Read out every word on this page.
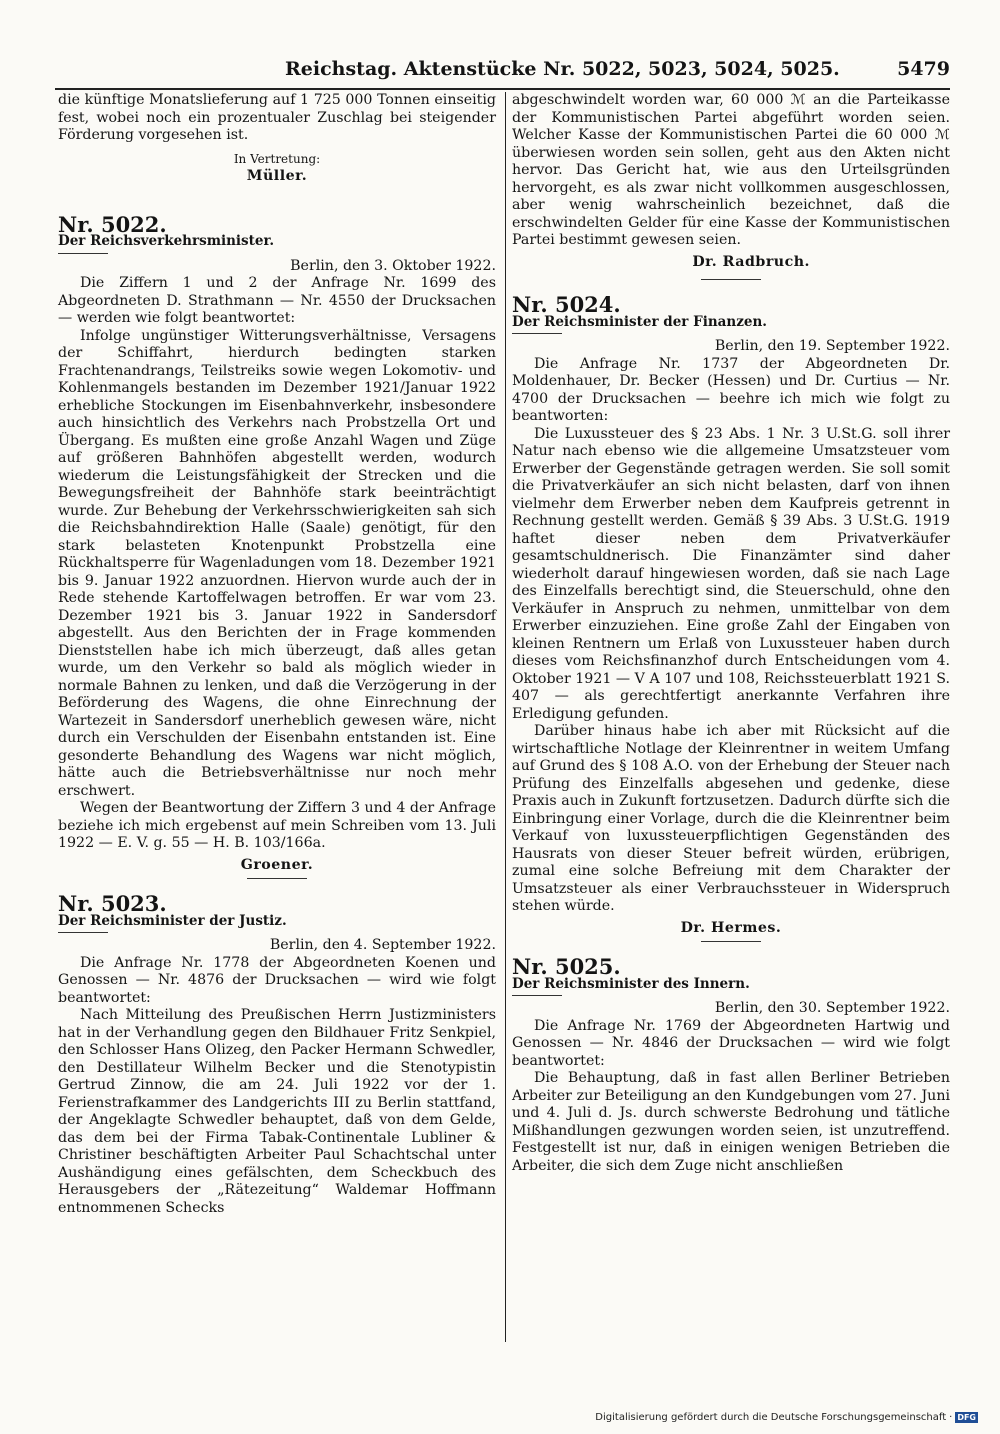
Reichstag. Aktenstücke Nr. 5022, 5023, 5024, 5025.	5479

die künftige Monatslieferung auf 1 725 000 Tonnen einseitig fest, wobei noch ein prozentualer Zuschlag bei steigender Förderung vorgesehen ist.

In Vertretung:

Müller.

Nr. 5022.

Der Reichsverkehrsminister.

Berlin, den 3. Oktober 1922.

Die Ziffern 1 und 2 der Anfrage Nr. 1699 des Abgeordneten D. Strathmann — Nr. 4550 der Drucksachen — werden wie folgt beantwortet:

Infolge ungünstiger Witterungsverhältnisse, Versagens der Schiffahrt, hierdurch bedingten starken Frachtenandrangs, Teilstreiks sowie wegen Lokomotiv- und Kohlenmangels bestanden im Dezember 1921/Januar 1922 erhebliche Stockungen im Eisenbahnverkehr, insbesondere auch hinsichtlich des Verkehrs nach Probstzella Ort und Übergang. Es mußten eine große Anzahl Wagen und Züge auf größeren Bahnhöfen abgestellt werden, wodurch wiederum die Leistungsfähigkeit der Strecken und die Bewegungsfreiheit der Bahnhöfe stark beeinträchtigt wurde. Zur Behebung der Verkehrsschwierigkeiten sah sich die Reichsbahndirektion Halle (Saale) genötigt, für den stark belasteten Knotenpunkt Probstzella eine Rückhaltsperre für Wagenladungen vom 18. Dezember 1921 bis 9. Januar 1922 anzuordnen. Hiervon wurde auch der in Rede stehende Kartoffelwagen betroffen. Er war vom 23. Dezember 1921 bis 3. Januar 1922 in Sandersdorf abgestellt. Aus den Berichten der in Frage kommenden Dienststellen habe ich mich überzeugt, daß alles getan wurde, um den Verkehr so bald als möglich wieder in normale Bahnen zu lenken, und daß die Verzögerung in der Beförderung des Wagens, die ohne Einrechnung der Wartezeit in Sandersdorf unerheblich gewesen wäre, nicht durch ein Verschulden der Eisenbahn entstanden ist. Eine gesonderte Behandlung des Wagens war nicht möglich, hätte auch die Betriebsverhältnisse nur noch mehr erschwert.

Wegen der Beantwortung der Ziffern 3 und 4 der Anfrage beziehe ich mich ergebenst auf mein Schreiben vom 13. Juli 1922 — E. V. g. 55 — H. B. 103/166a.

Groener.

Nr. 5023.

Der Reichsminister der Justiz.

Berlin, den 4. September 1922.

Die Anfrage Nr. 1778 der Abgeordneten Koenen und Genossen — Nr. 4876 der Drucksachen — wird wie folgt beantwortet:

Nach Mitteilung des Preußischen Herrn Justizministers hat in der Verhandlung gegen den Bildhauer Fritz Senkpiel, den Schlosser Hans Olizeg, den Packer Hermann Schwedler, den Destillateur Wilhelm Becker und die Stenotypistin Gertrud Zinnow, die am 24. Juli 1922 vor der 1. Ferienstrafkammer des Landgerichts III zu Berlin stattfand, der Angeklagte Schwedler behauptet, daß von dem Gelde, das dem bei der Firma Tabak-Continentale Lubliner & Christiner beschäftigten Arbeiter Paul Schachtschal unter Aushändigung eines gefälschten, dem Scheckbuch des Herausgebers der „Rätezeitung“ Waldemar Hoffmann entnommenen Schecks

abgeschwindelt worden war, 60 000 ℳ an die Parteikasse der Kommunistischen Partei abgeführt worden seien. Welcher Kasse der Kommunistischen Partei die 60 000 ℳ überwiesen worden sein sollen, geht aus den Akten nicht hervor. Das Gericht hat, wie aus den Urteilsgründen hervorgeht, es als zwar nicht vollkommen ausgeschlossen, aber wenig wahrscheinlich bezeichnet, daß die erschwindelten Gelder für eine Kasse der Kommunistischen Partei bestimmt gewesen seien.

Dr. Radbruch.

Nr. 5024.

Der Reichsminister der Finanzen.

Berlin, den 19. September 1922.

Die Anfrage Nr. 1737 der Abgeordneten Dr. Moldenhauer, Dr. Becker (Hessen) und Dr. Curtius — Nr. 4700 der Drucksachen — beehre ich mich wie folgt zu beantworten:

Die Luxussteuer des § 23 Abs. 1 Nr. 3 U.St.G. soll ihrer Natur nach ebenso wie die allgemeine Umsatzsteuer vom Erwerber der Gegenstände getragen werden. Sie soll somit die Privatverkäufer an sich nicht belasten, darf von ihnen vielmehr dem Erwerber neben dem Kaufpreis getrennt in Rechnung gestellt werden. Gemäß § 39 Abs. 3 U.St.G. 1919 haftet dieser neben dem Privatverkäufer gesamtschuldnerisch. Die Finanzämter sind daher wiederholt darauf hingewiesen worden, daß sie nach Lage des Einzelfalls berechtigt sind, die Steuerschuld, ohne den Verkäufer in Anspruch zu nehmen, unmittelbar von dem Erwerber einzuziehen. Eine große Zahl der Eingaben von kleinen Rentnern um Erlaß von Luxussteuer haben durch dieses vom Reichsfinanzhof durch Entscheidungen vom 4. Oktober 1921 — V A 107 und 108, Reichssteuerblatt 1921 S. 407 — als gerechtfertigt anerkannte Verfahren ihre Erledigung gefunden.

Darüber hinaus habe ich aber mit Rücksicht auf die wirtschaftliche Notlage der Kleinrentner in weitem Umfang auf Grund des § 108 A.O. von der Erhebung der Steuer nach Prüfung des Einzelfalls abgesehen und gedenke, diese Praxis auch in Zukunft fortzusetzen. Dadurch dürfte sich die Einbringung einer Vorlage, durch die die Kleinrentner beim Verkauf von luxussteuerpflichtigen Gegenständen des Hausrats von dieser Steuer befreit würden, erübrigen, zumal eine solche Befreiung mit dem Charakter der Umsatzsteuer als einer Verbrauchssteuer in Widerspruch stehen würde.

Dr. Hermes.

Nr. 5025.

Der Reichsminister des Innern.

Berlin, den 30. September 1922.

Die Anfrage Nr. 1769 der Abgeordneten Hartwig und Genossen — Nr. 4846 der Drucksachen — wird wie folgt beantwortet:

Die Behauptung, daß in fast allen Berliner Betrieben Arbeiter zur Beteiligung an den Kundgebungen vom 27. Juni und 4. Juli d. Js. durch schwerste Bedrohung und tätliche Mißhandlungen gezwungen worden seien, ist unzutreffend. Festgestellt ist nur, daß in einigen wenigen Betrieben die Arbeiter, die sich dem Zuge nicht anschließen

Digitalisierung gefördert durch die Deutsche Forschungsgemeinschaft · DFG
